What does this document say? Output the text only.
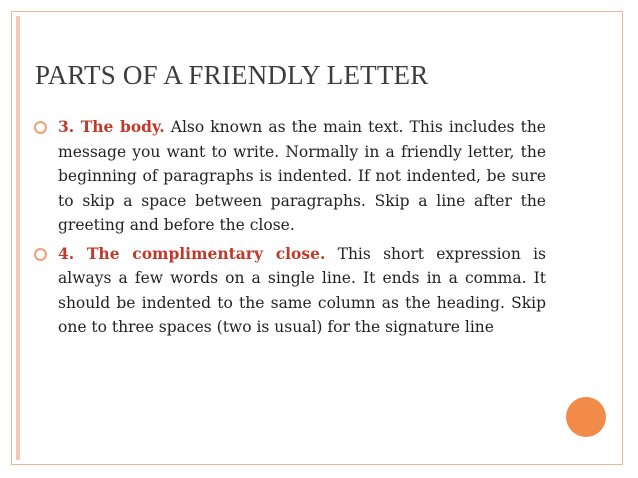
PARTS OF A FRIENDLY LETTER
3. The body. Also known as the main text. This includes the message you want to write. Normally in a friendly letter, the beginning of paragraphs is indented. If not indented, be sure to skip a space between paragraphs. Skip a line after the greeting and before the close.
4. The complimentary close. This short expression is always a few words on a single line. It ends in a comma. It should be indented to the same column as the heading. Skip one to three spaces (two is usual) for the signature line
